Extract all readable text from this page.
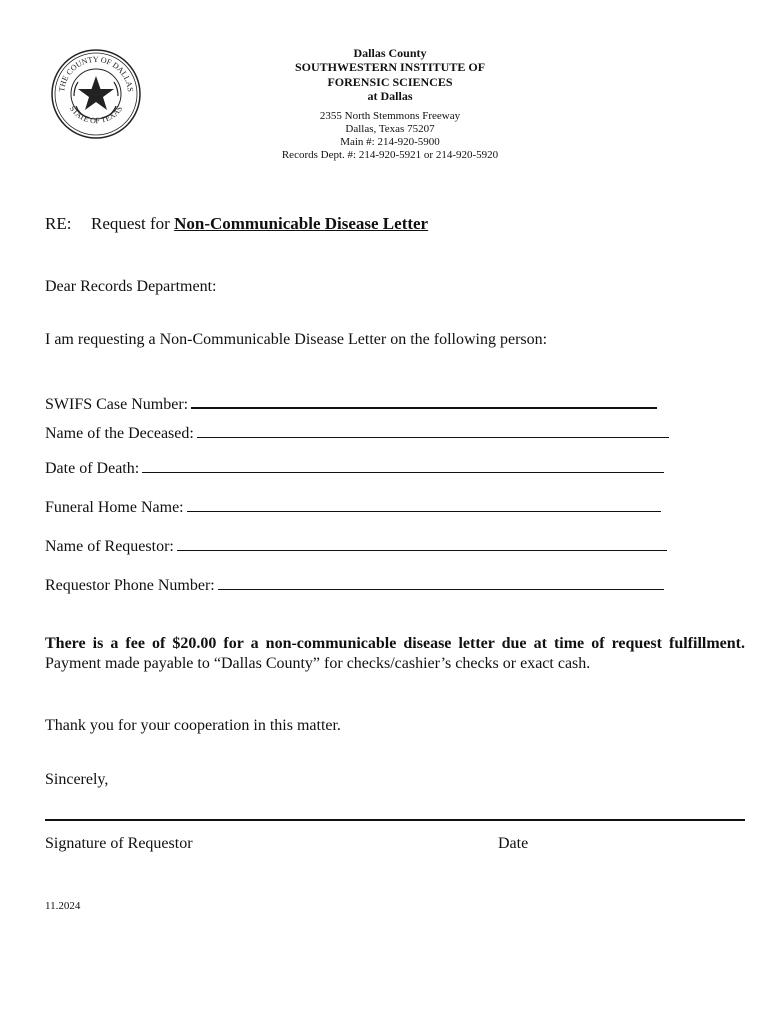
THE COUNTY OF DALLAS
STATE OF TEXAS
Dallas County
SOUTHWESTERN INSTITUTE OF
FORENSIC SCIENCES
at Dallas
2355 North Stemmons Freeway
Dallas, Texas 75207
Main #: 214-920-5900
Records Dept. #: 214-920-5921 or 214-920-5920
RE: Request for Non-Communicable Disease Letter
Dear Records Department:
I am requesting a Non-Communicable Disease Letter on the following person:
SWIFS Case Number:
Name of the Deceased:
Date of Death:
Funeral Home Name:
Name of Requestor:
Requestor Phone Number:
There is a fee of $20.00 for a non-communicable disease letter due at time of request fulfillment. Payment made payable to “Dallas County” for checks/cashier’s checks or exact cash.
Thank you for your cooperation in this matter.
Sincerely,
Signature of Requestor	Date
11.2024
